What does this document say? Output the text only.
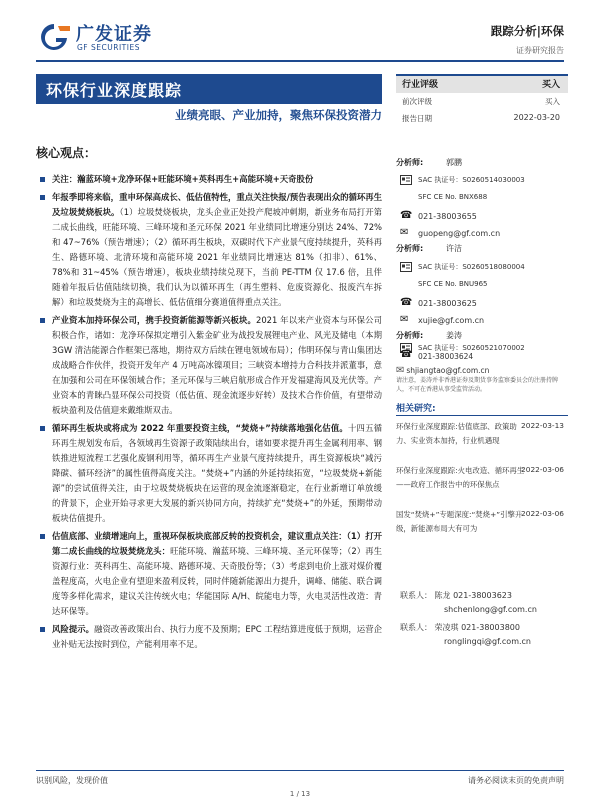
广发证券
GF SECURITIES
跟踪分析|环保
证券研究报告
环保行业深度跟踪
业绩亮眼、产业加持，聚焦环保投资潜力
核心观点：
关注：瀚蓝环境+龙净环保+旺能环境+英科再生+高能环境+天奇股份
年报季即将来临，重申环保高成长、低估值特性，重点关注快报/预告表现出众的循环再生及垃圾焚烧板块。（1）垃圾焚烧板块，龙头企业正处投产爬坡冲刺期，新业务布局打开第二成长曲线，旺能环境、三峰环境和圣元环保 2021 年业绩同比增速分别达 24%、72%和 47~76%（预告增速）；（2）循环再生板块，双碳时代下产业景气度持续提升，英科再生、路德环境、北清环境和高能环境 2021 年业绩同比增速达 81%（扣非）、61%、78%和 31~45%（预告增速），板块业绩持续兑现下，当前 PE-TTM 仅 17.6 倍，且伴随着年报后估值陆续切换，我们认为以循环再生（再生塑料、危废资源化、报废汽车拆解）和垃圾焚烧为主的高增长、低估值细分赛道值得重点关注。
产业资本加持环保公司，携手投资新能源等新兴板块。2021 年以来产业资本与环保公司积极合作，诸如：龙净环保拟定增引入紫金矿业为战投发展锂电产业、风光及储电（本期 3GW 清洁能源合作框架已落地，期待双方后续在锂电领域布局）；伟明环保与青山集团达成战略合作伙伴，投资开发年产 4 万吨高冰镍项目；三峡资本增持力合科技并派董事，意在加强和公司在环保领域合作；圣元环保与三峡启航形成合作开发福建海风及光伏等。产业资本的青睐凸显环保公司投资（低估值、现金流逐步好转）及技术合作价值，有望带动板块盈利及估值迎来戴维斯双击。
循环再生板块或将成为 2022 年重要投资主线，“焚烧+”持续落地强化估值。十四五循环再生规划发布后，各领域再生资源子政策陆续出台，诸如要求提升再生金属利用率、钢铁推进短流程工艺强化废钢利用等，循环再生产业景气度持续提升，再生资源板块“减污降碳、循环经济”的属性值得高度关注。“焚烧+”内涵的外延持续拓宽，“垃圾焚烧+新能源”的尝试值得关注，由于垃圾焚烧板块在运营的现金流逐渐稳定，在行业新增订单放缓的背景下，企业开始寻求更大发展的新兴协同方向，持续扩充“焚烧+”的外延，预期带动板块估值提升。
估值底部、业绩增速向上，重视环保板块底部反转的投资机会，建议重点关注：（1）打开第二成长曲线的垃圾焚烧龙头：旺能环境、瀚蓝环境、三峰环境、圣元环保等；（2）再生资源行业：英科再生、高能环境、路德环境、天奇股份等；（3）考虑到电价上涨对煤价覆盖程度高，火电企业有望迎来盈利反转，同时伴随新能源出力提升，调峰、储能、联合调度等多样化需求，建议关注传统火电；华能国际 A/H、皖能电力等，火电灵活性改造：青达环保等。
风险提示。融资改善政策出台、执行力度不及预期；EPC 工程结算进度低于预期，运营企业补贴无法按时到位，产能利用率不足。
行业评级	买入
前次评级	买入
报告日期	2022-03-20
分析师:	郭鹏
SAC 执证号：S0260514030003
SFC CE No. BNX688
☎ 021-38003655
✉ guopeng@gf.com.cn
分析师:	许洁
SAC 执证号：S0260518080004
SFC CE No. BNU965
☎ 021-38003625
✉ xujie@gf.com.cn
分析师:	姜涛
SAC 执证号：S0260521070002
021-38003624
☎
✉ shjiangtao@gf.com.cn
请注意，姜涛并非香港证券及期货事务监察委员会的注册持牌人，不可在香港从事受监管活动。
相关研究:
环保行业深度跟踪:估值底部、政策助力、实业资本加持，行业机遇现
2022-03-13
环保行业深度跟踪:火电改造、循环再生——政府工作报告中的环保焦点
2022-03-06
国发“焚烧+”专题深度:“焚烧+”引擎升级，新能源布局大有可为
2022-03-06
联系人： 陈龙 021-38003623
shchenlong@gf.com.cn
联系人： 荣凌琪 021-38003800
ronglingqi@gf.com.cn
识别风险，发现价值	请务必阅读末页的免责声明
1 / 13
